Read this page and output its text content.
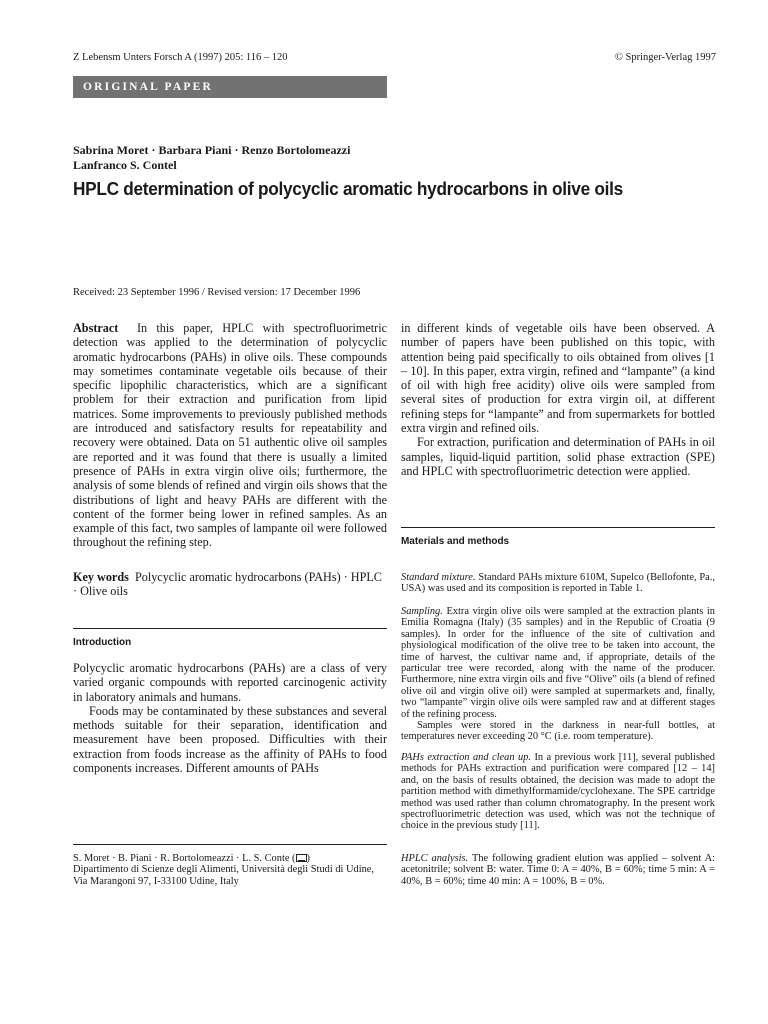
Z Lebensm Unters Forsch A (1997) 205: 116 – 120	© Springer-Verlag 1997
ORIGINAL PAPER
Sabrina Moret · Barbara Piani · Renzo Bortolomeazzi
Lanfranco S. Contel
HPLC determination of polycyclic aromatic hydrocarbons in olive oils
Received: 23 September 1996 / Revised version: 17 December 1996

Abstract In this paper, HPLC with spectrofluorimetric detection was applied to the determination of polycyclic aromatic hydrocarbons (PAHs) in olive oils. These compounds may sometimes contaminate vegetable oils because of their specific lipophilic characteristics, which are a significant problem for their extraction and purification from lipid matrices. Some improvements to previously published methods are introduced and satisfactory results for repeatability and recovery were obtained. Data on 51 authentic olive oil samples are reported and it was found that there is usually a limited presence of PAHs in extra virgin olive oils; furthermore, the analysis of some blends of refined and virgin oils shows that the distributions of light and heavy PAHs are different with the content of the former being lower in refined samples. As an example of this fact, two samples of lampante oil were followed throughout the refining step.

Key words Polycyclic aromatic hydrocarbons (PAHs) · HPLC · Olive oils

Introduction

Polycyclic aromatic hydrocarbons (PAHs) are a class of very varied organic compounds with reported carcinogenic activity in laboratory animals and humans.

Foods may be contaminated by these substances and several methods suitable for their separation, identification and measurement have been proposed. Difficulties with their extraction from foods increase as the affinity of PAHs to food components increases. Different amounts of PAHs

S. Moret · B. Piani · R. Bortolomeazzi · L. S. Conte ( )

Dipartimento di Scienze degli Alimenti, Università degli Studi di Udine, Via Marangoni 97, I-33100 Udine, Italy

in different kinds of vegetable oils have been observed. A number of papers have been published on this topic, with attention being paid specifically to oils obtained from olives [1 – 10]. In this paper, extra virgin, refined and “lampante” (a kind of oil with high free acidity) olive oils were sampled from several sites of production for extra virgin oil, at different refining steps for “lampante” and from supermarkets for bottled extra virgin and refined oils.

For extraction, purification and determination of PAHs in oil samples, liquid-liquid partition, solid phase extraction (SPE) and HPLC with spectrofluorimetric detection were applied.

Materials and methods

Standard mixture. Standard PAHs mixture 610M, Supelco (Bellofonte, Pa., USA) was used and its composition is reported in Table 1.

Sampling. Extra virgin olive oils were sampled at the extraction plants in Emilia Romagna (Italy) (35 samples) and in the Republic of Croatia (9 samples). In order for the influence of the site of cultivation and physiological modification of the olive tree to be taken into account, the time of harvest, the cultivar name and, if appropriate, details of the particular tree were recorded, along with the name of the producer. Furthermore, nine extra virgin oils and five “Olive” oils (a blend of refined olive oil and virgin olive oil) were sampled at supermarkets and, finally, two “lampante” virgin olive oils were sampled raw and at different stages of the refining process.

Samples were stored in the darkness in near-full bottles, at temperatures never exceeding 20 °C (i.e. room temperature).

PAHs extraction and clean up. In a previous work [11], several published methods for PAHs extraction and purification were compared [12 – 14] and, on the basis of results obtained, the decision was made to adopt the partition method with dimethylformamide/cyclohexane. The SPE cartridge method was used rather than column chromatography. In the present work spectrofluorimetric detection was used, which was not the technique of choice in the previous study [11].

HPLC analysis. The following gradient elution was applied – solvent A: acetonitrile; solvent B: water. Time 0: A = 40%, B = 60%; time 5 min: A = 40%, B = 60%; time 40 min: A = 100%, B = 0%.
